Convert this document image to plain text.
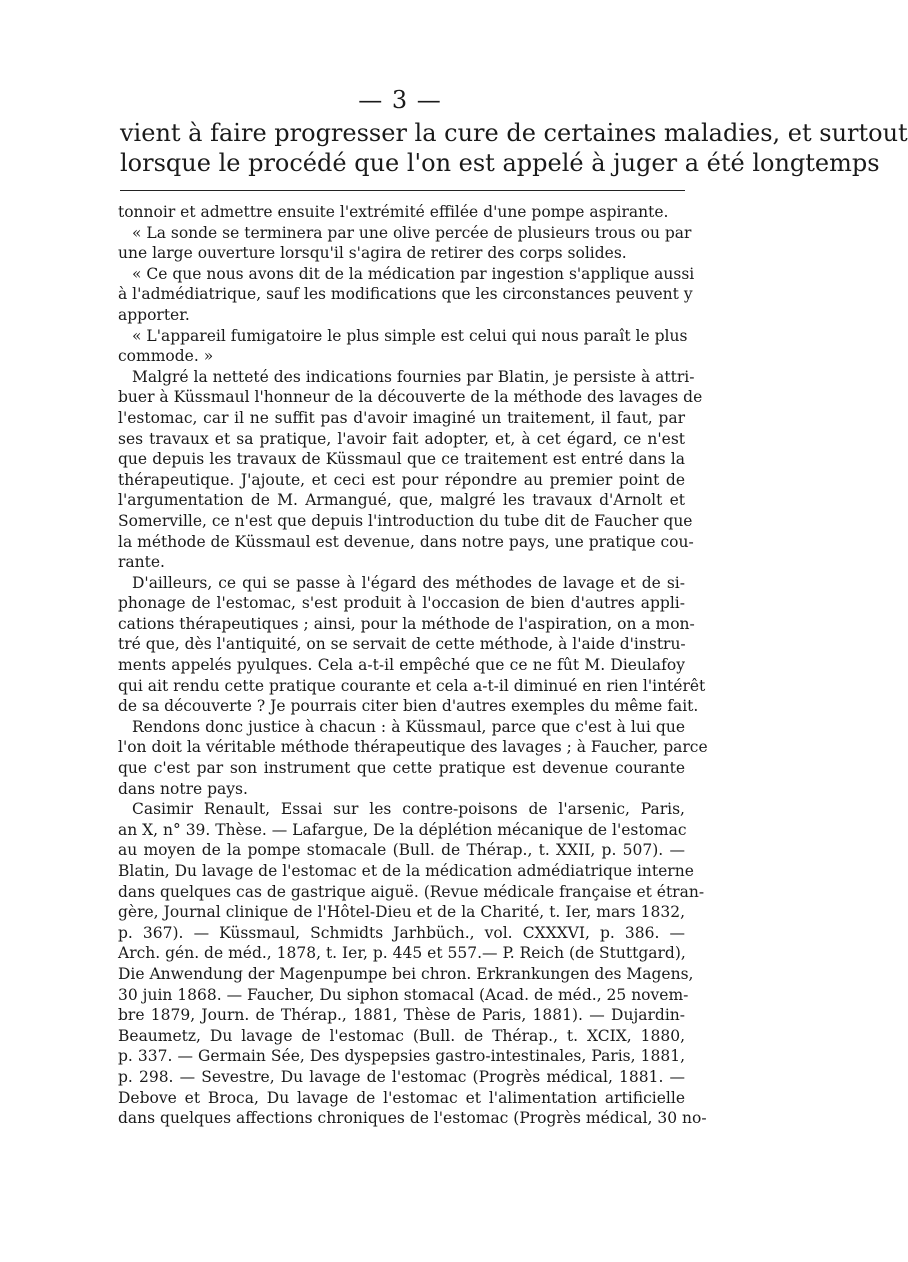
— 3 —
vient à faire progresser la cure de certaines maladies, et surtout
lorsque le procédé que l'on est appelé à juger a été longtemps
tonnoir et admettre ensuite l'extrémité effilée d'une pompe aspirante.
« La sonde se terminera par une olive percée de plusieurs trous ou par
une large ouverture lorsqu'il s'agira de retirer des corps solides.
« Ce que nous avons dit de la médication par ingestion s'applique aussi
à l'admédiatrique, sauf les modifications que les circonstances peuvent y
apporter.
« L'appareil fumigatoire le plus simple est celui qui nous paraît le plus
commode. »
Malgré la netteté des indications fournies par Blatin, je persiste à attri-
buer à Küssmaul l'honneur de la découverte de la méthode des lavages de
l'estomac, car il ne suffit pas d'avoir imaginé un traitement, il faut, par
ses travaux et sa pratique, l'avoir fait adopter, et, à cet égard, ce n'est
que depuis les travaux de Küssmaul que ce traitement est entré dans la
thérapeutique. J'ajoute, et ceci est pour répondre au premier point de
l'argumentation de M. Armangué, que, malgré les travaux d'Arnolt et
Somerville, ce n'est que depuis l'introduction du tube dit de Faucher que
la méthode de Küssmaul est devenue, dans notre pays, une pratique cou-
rante.
D'ailleurs, ce qui se passe à l'égard des méthodes de lavage et de si-
phonage de l'estomac, s'est produit à l'occasion de bien d'autres appli-
cations thérapeutiques ; ainsi, pour la méthode de l'aspiration, on a mon-
tré que, dès l'antiquité, on se servait de cette méthode, à l'aide d'instru-
ments appelés pyulques. Cela a-t-il empêché que ce ne fût M. Dieulafoy
qui ait rendu cette pratique courante et cela a-t-il diminué en rien l'intérêt
de sa découverte ? Je pourrais citer bien d'autres exemples du même fait.
Rendons donc justice à chacun : à Küssmaul, parce que c'est à lui que
l'on doit la véritable méthode thérapeutique des lavages ; à Faucher, parce
que c'est par son instrument que cette pratique est devenue courante
dans notre pays.
Casimir Renault, Essai sur les contre-poisons de l'arsenic, Paris,
an X, n° 39. Thèse. — Lafargue, De la déplétion mécanique de l'estomac
au moyen de la pompe stomacale (Bull. de Thérap., t. XXII, p. 507). —
Blatin, Du lavage de l'estomac et de la médication admédiatrique interne
dans quelques cas de gastrique aiguë. (Revue médicale française et étran-
gère, Journal clinique de l'Hôtel-Dieu et de la Charité, t. Ier, mars 1832,
p. 367). — Küssmaul, Schmidts Jarhbüch., vol. CXXXVI, p. 386. —
Arch. gén. de méd., 1878, t. Ier, p. 445 et 557.— P. Reich (de Stuttgard),
Die Anwendung der Magenpumpe bei chron. Erkrankungen des Magens,
30 juin 1868. — Faucher, Du siphon stomacal (Acad. de méd., 25 novem-
bre 1879, Journ. de Thérap., 1881, Thèse de Paris, 1881). — Dujardin-
Beaumetz, Du lavage de l'estomac (Bull. de Thérap., t. XCIX, 1880,
p. 337. — Germain Sée, Des dyspepsies gastro-intestinales, Paris, 1881,
p. 298. — Sevestre, Du lavage de l'estomac (Progrès médical, 1881. —
Debove et Broca, Du lavage de l'estomac et l'alimentation artificielle
dans quelques affections chroniques de l'estomac (Progrès médical, 30 no-
